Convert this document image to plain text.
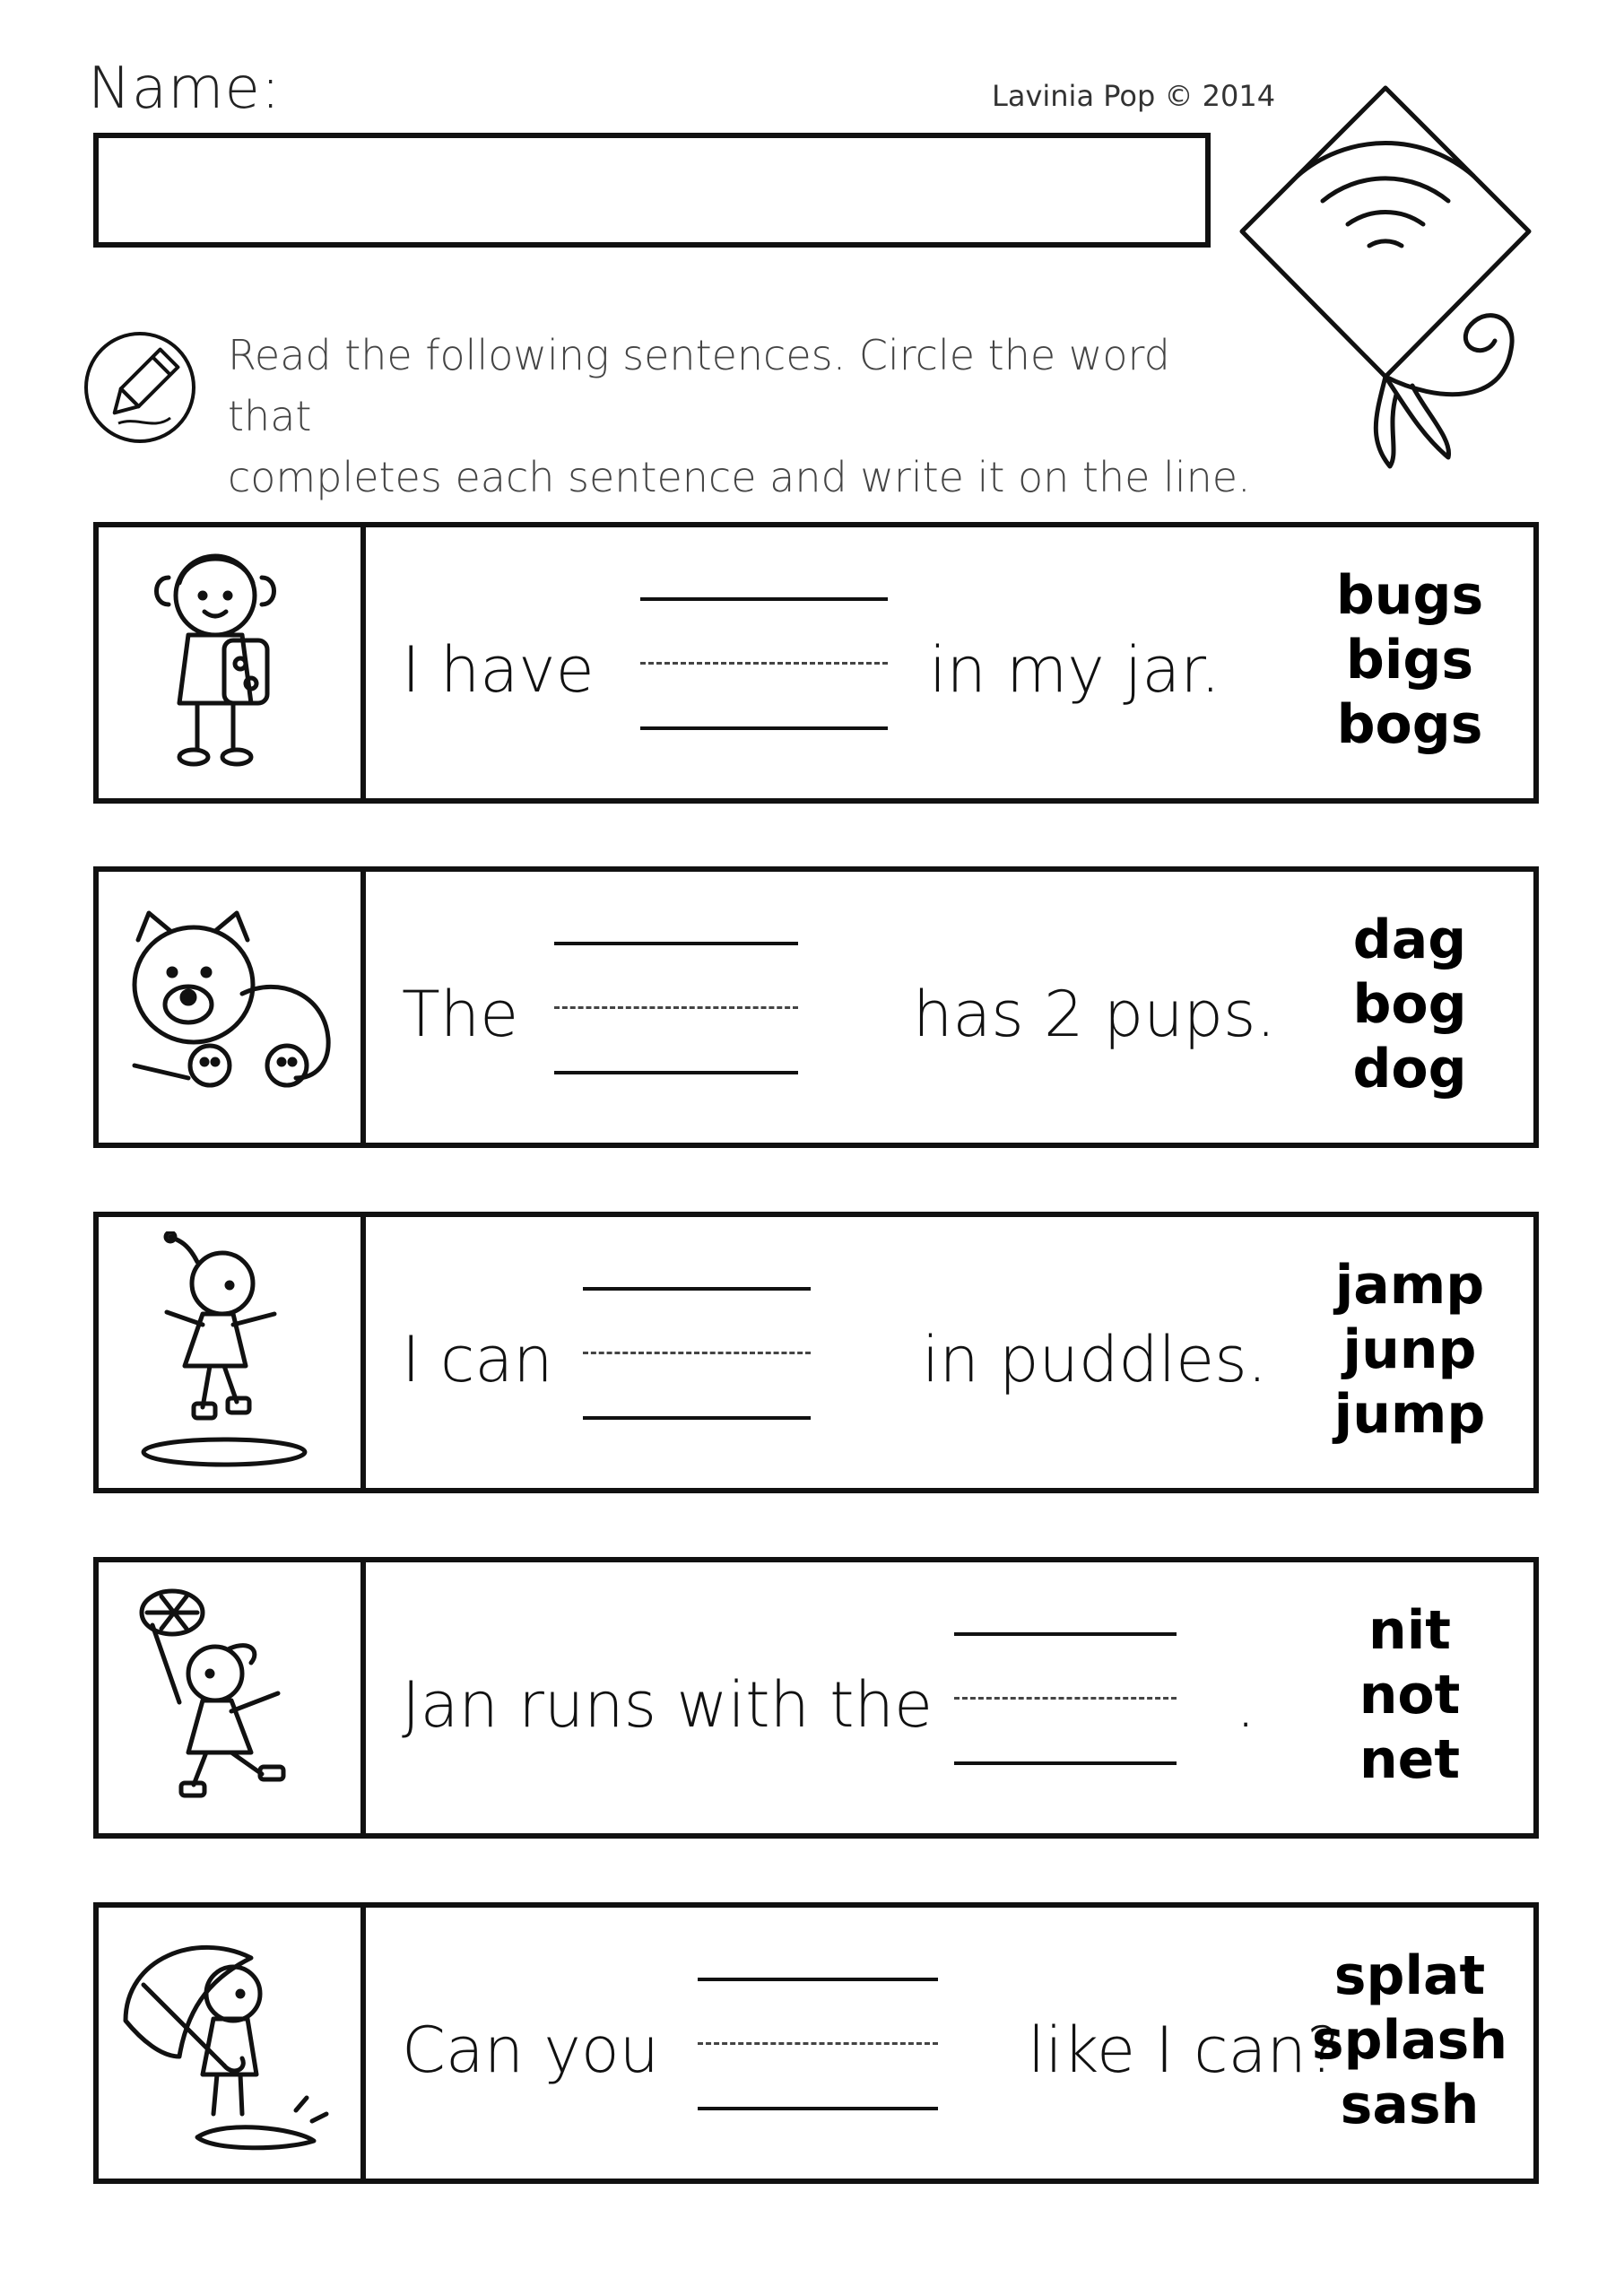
Name:	Lavinia Pop © 2014
Read the following sentences. Circle the word that
completes each sentence and write it on the line.
I have	in my jar.
bugs
bigs
bogs
The	has 2 pups.
dag
bog
dog
I can	in puddles.
jamp
junp
jump
Jan runs with the	.
nit
not
net
Can you	like I can?
splat
splash
sash
